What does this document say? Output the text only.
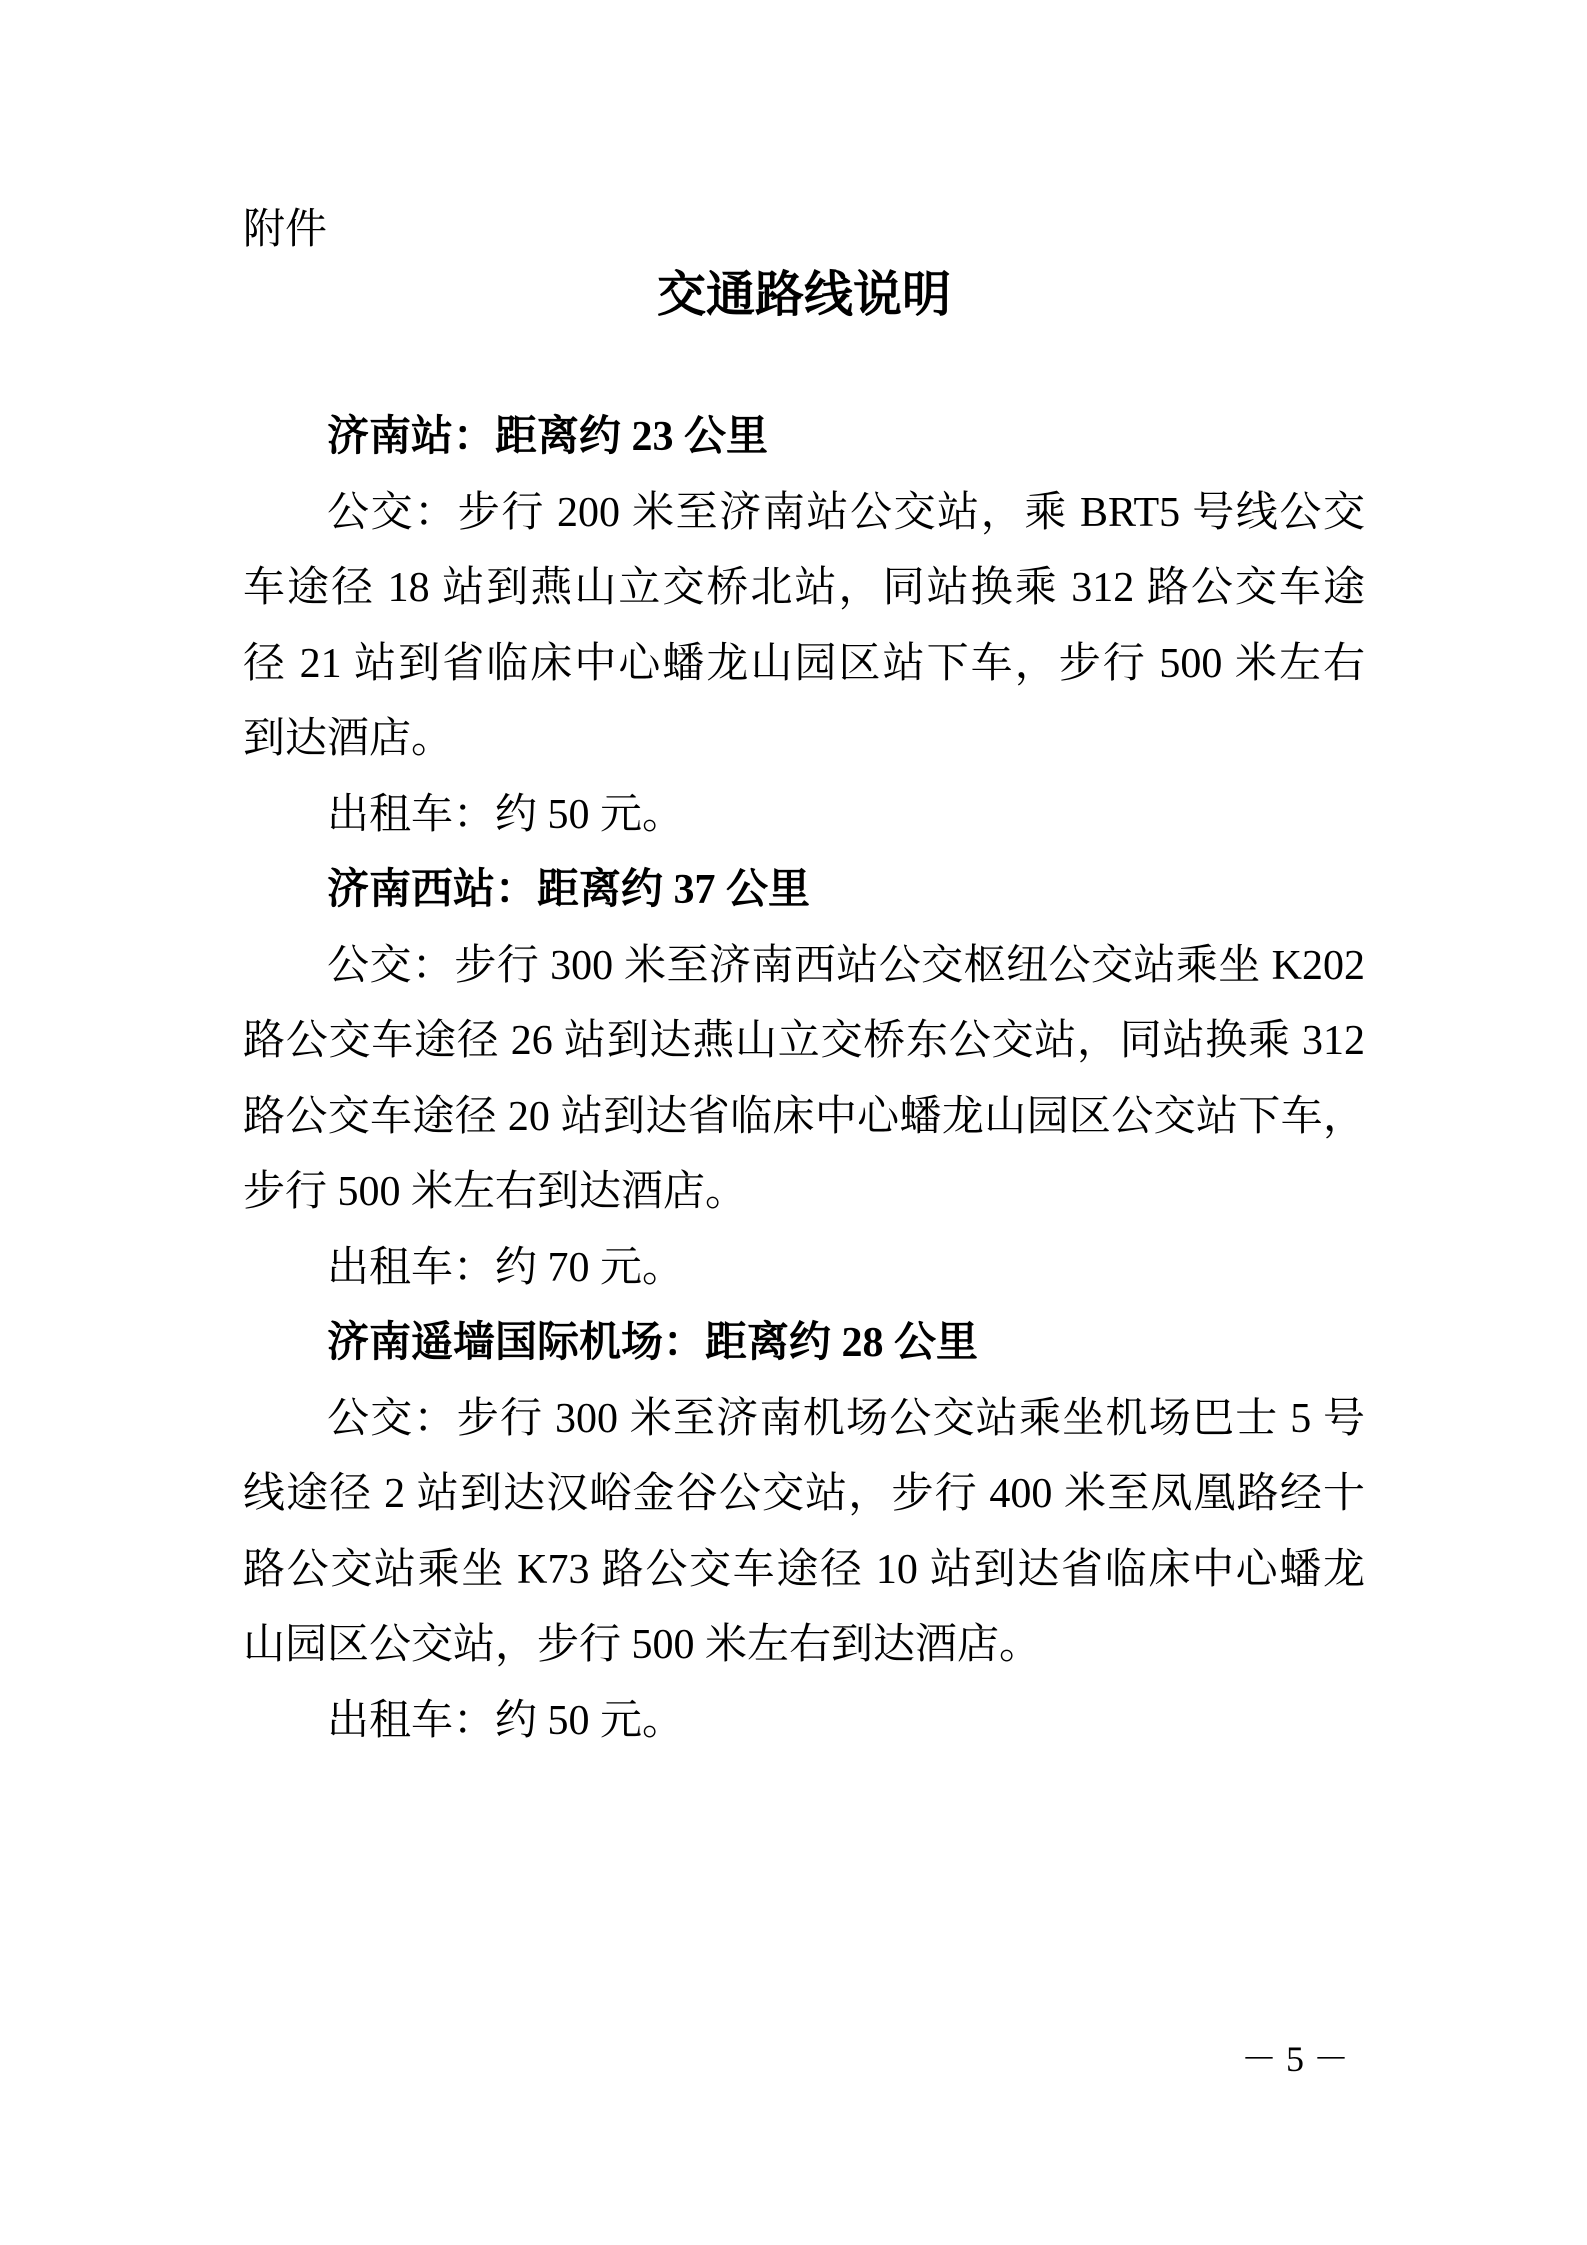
附件
交通路线说明
济南站：距离约 23 公里
公交：步行 200 米至济南站公交站，乘 BRT5 号线公交
车途径 18 站到燕山立交桥北站，同站换乘 312 路公交车途
径 21 站到省临床中心蟠龙山园区站下车，步行 500 米左右
到达酒店。
出租车：约 50 元。
济南西站：距离约 37 公里
公交：步行 300 米至济南西站公交枢纽公交站乘坐 K202
路公交车途径 26 站到达燕山立交桥东公交站，同站换乘 312
路公交车途径 20 站到达省临床中心蟠龙山园区公交站下车，
步行 500 米左右到达酒店。
出租车：约 70 元。
济南遥墙国际机场：距离约 28 公里
公交：步行 300 米至济南机场公交站乘坐机场巴士 5 号
线途径 2 站到达汉峪金谷公交站，步行 400 米至凤凰路经十
路公交站乘坐 K73 路公交车途径 10 站到达省临床中心蟠龙
山园区公交站，步行 500 米左右到达酒店。
出租车：约 50 元。
－ 5 －
